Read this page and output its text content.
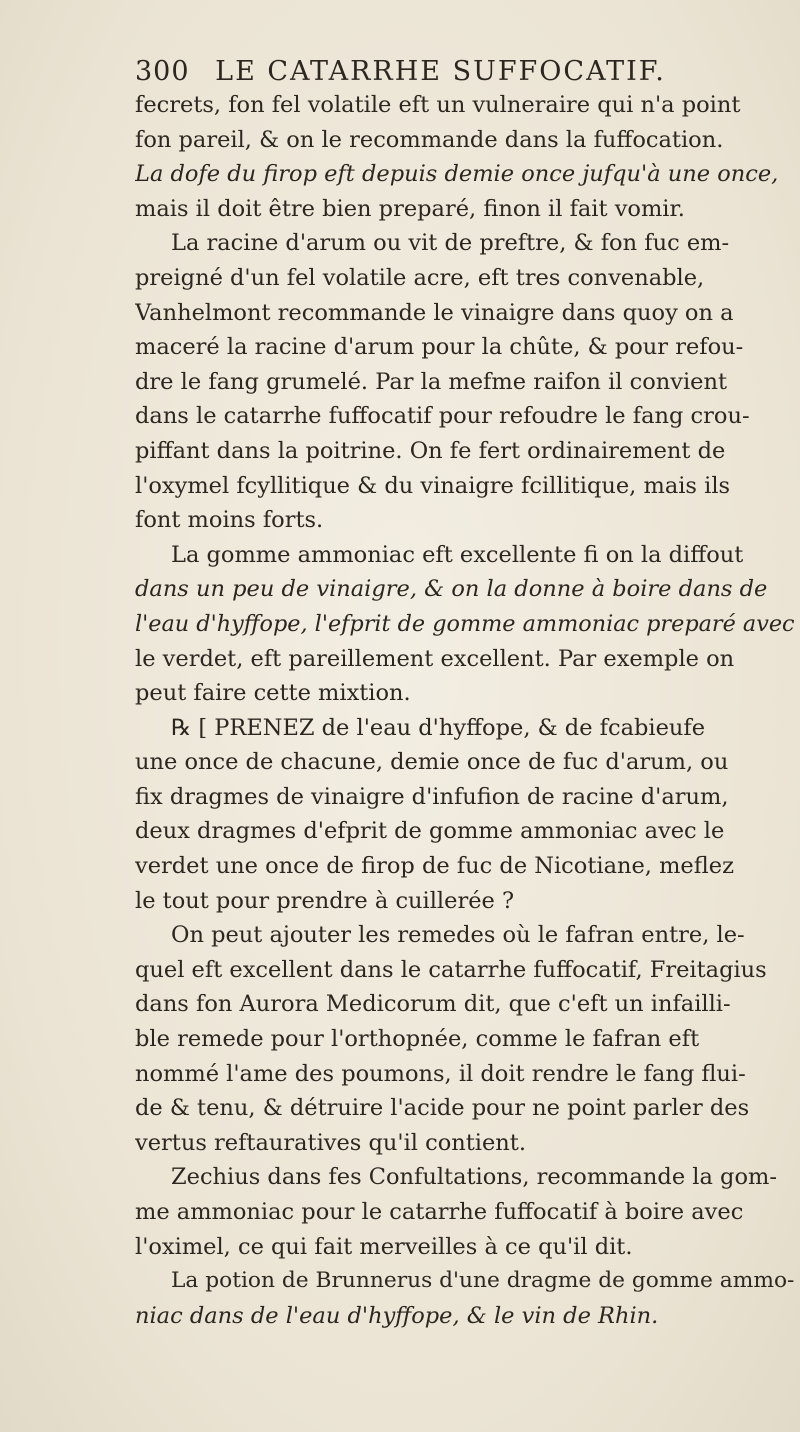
300 LE CATARRHE SUFFOCATIF.
fecrets, fon fel volatile eft un vulneraire qui n'a point
fon pareil, & on le recommande dans la fuffocation.
La dofe du firop eft depuis demie once jufqu'à une once,
mais il doit être bien preparé, finon il fait vomir.
La racine d'arum ou vit de preftre, & fon fuc em-
preigné d'un fel volatile acre, eft tres convenable,
Vanhelmont recommande le vinaigre dans quoy on a
maceré la racine d'arum pour la chûte, & pour refou-
dre le fang grumelé. Par la mefme raifon il convient
dans le catarrhe fuffocatif pour refoudre le fang crou-
piffant dans la poitrine. On fe fert ordinairement de
l'oxymel fcyllitique & du vinaigre fcillitique, mais ils
font moins forts.
La gomme ammoniac eft excellente fi on la diffout
dans un peu de vinaigre, & on la donne à boire dans de
l'eau d'hyffope, l'efprit de gomme ammoniac preparé avec
le verdet, eft pareillement excellent. Par exemple on
peut faire cette mixtion.
℞ [ PRENEZ de l'eau d'hyffope, & de fcabieufe
une once de chacune, demie once de fuc d'arum, ou
fix dragmes de vinaigre d'infufion de racine d'arum,
deux dragmes d'efprit de gomme ammoniac avec le
verdet une once de firop de fuc de Nicotiane, meflez
le tout pour prendre à cuillerée ?
On peut ajouter les remedes où le fafran entre, le-
quel eft excellent dans le catarrhe fuffocatif, Freitagius
dans fon Aurora Medicorum dit, que c'eft un infailli-
ble remede pour l'orthopnée, comme le fafran eft
nommé l'ame des poumons, il doit rendre le fang flui-
de & tenu, & détruire l'acide pour ne point parler des
vertus reftauratives qu'il contient.
Zechius dans fes Confultations, recommande la gom-
me ammoniac pour le catarrhe fuffocatif à boire avec
l'oximel, ce qui fait merveilles à ce qu'il dit.
La potion de Brunnerus d'une dragme de gomme ammo-
niac dans de l'eau d'hyffope, & le vin de Rhin.
